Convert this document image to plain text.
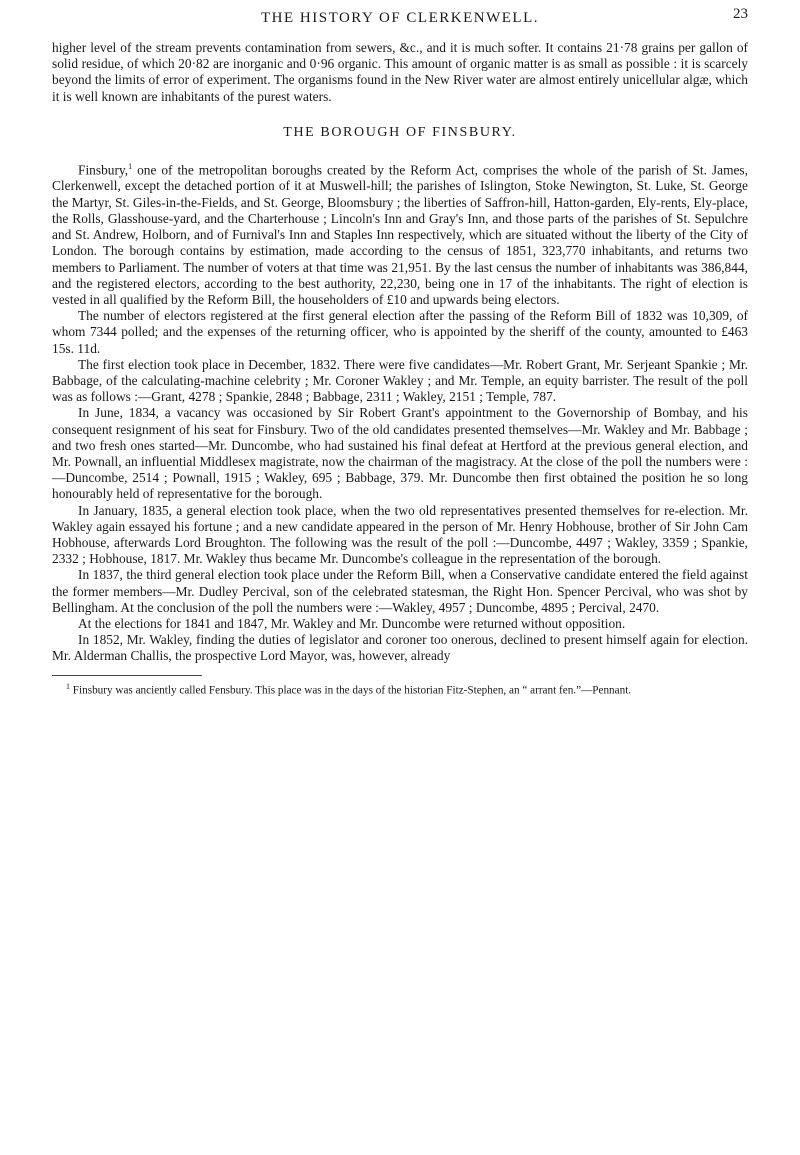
THE HISTORY OF CLERKENWELL.	23

higher level of the stream prevents contamination from sewers, &c., and it is much softer. It contains 21·78 grains per gallon of solid residue, of which 20·82 are inorganic and 0·96 organic. This amount of organic matter is as small as possible : it is scarcely beyond the limits of error of experiment. The organisms found in the New River water are almost entirely unicellular algæ, which it is well known are inhabitants of the purest waters.

THE BOROUGH OF FINSBURY.

Finsbury,$^1$ one of the metropolitan boroughs created by the Reform Act, comprises the whole of the parish of St. James, Clerkenwell, except the detached portion of it at Muswell-hill; the parishes of Islington, Stoke Newington, St. Luke, St. George the Martyr, St. Giles-in-the-Fields, and St. George, Bloomsbury ; the liberties of Saffron-hill, Hatton-garden, Ely-rents, Ely-place, the Rolls, Glasshouse-yard, and the Charterhouse ; Lincoln's Inn and Gray's Inn, and those parts of the parishes of St. Sepulchre and St. Andrew, Holborn, and of Furnival's Inn and Staples Inn respectively, which are situated without the liberty of the City of London. The borough contains by estimation, made according to the census of 1851, 323,770 inhabitants, and returns two members to Parliament. The number of voters at that time was 21,951. By the last census the number of inhabitants was 386,844, and the registered electors, according to the best authority, 22,230, being one in 17 of the inhabitants. The right of election is vested in all qualified by the Reform Bill, the householders of £10 and upwards being electors.

The number of electors registered at the first general election after the passing of the Reform Bill of 1832 was 10,309, of whom 7344 polled; and the expenses of the returning officer, who is appointed by the sheriff of the county, amounted to £463 15s. 11d.

The first election took place in December, 1832. There were five candidates—Mr. Robert Grant, Mr. Serjeant Spankie ; Mr. Babbage, of the calculating-machine celebrity ; Mr. Coroner Wakley ; and Mr. Temple, an equity barrister. The result of the poll was as follows :—Grant, 4278 ; Spankie, 2848 ; Babbage, 2311 ; Wakley, 2151 ; Temple, 787.

In June, 1834, a vacancy was occasioned by Sir Robert Grant's appointment to the Governorship of Bombay, and his consequent resignment of his seat for Finsbury. Two of the old candidates presented themselves—Mr. Wakley and Mr. Babbage ; and two fresh ones started—Mr. Duncombe, who had sustained his final defeat at Hertford at the previous general election, and Mr. Pownall, an influential Middlesex magistrate, now the chairman of the magistracy. At the close of the poll the numbers were :—Duncombe, 2514 ; Pownall, 1915 ; Wakley, 695 ; Babbage, 379. Mr. Duncombe then first obtained the position he so long honourably held of representative for the borough.

In January, 1835, a general election took place, when the two old representatives presented themselves for re-election. Mr. Wakley again essayed his fortune ; and a new candidate appeared in the person of Mr. Henry Hobhouse, brother of Sir John Cam Hobhouse, afterwards Lord Broughton. The following was the result of the poll :—Duncombe, 4497 ; Wakley, 3359 ; Spankie, 2332 ; Hobhouse, 1817. Mr. Wakley thus became Mr. Duncombe's colleague in the representation of the borough.

In 1837, the third general election took place under the Reform Bill, when a Conservative candidate entered the field against the former members—Mr. Dudley Percival, son of the celebrated statesman, the Right Hon. Spencer Percival, who was shot by Bellingham. At the conclusion of the poll the numbers were :—Wakley, 4957 ; Duncombe, 4895 ; Percival, 2470.

At the elections for 1841 and 1847, Mr. Wakley and Mr. Duncombe were returned without opposition.

In 1852, Mr. Wakley, finding the duties of legislator and coroner too onerous, declined to present himself again for election. Mr. Alderman Challis, the prospective Lord Mayor, was, however, already

$^1$ Finsbury was anciently called Fensbury. This place was in the days of the historian Fitz-Stephen, an “ arrant fen.”—Pennant.
